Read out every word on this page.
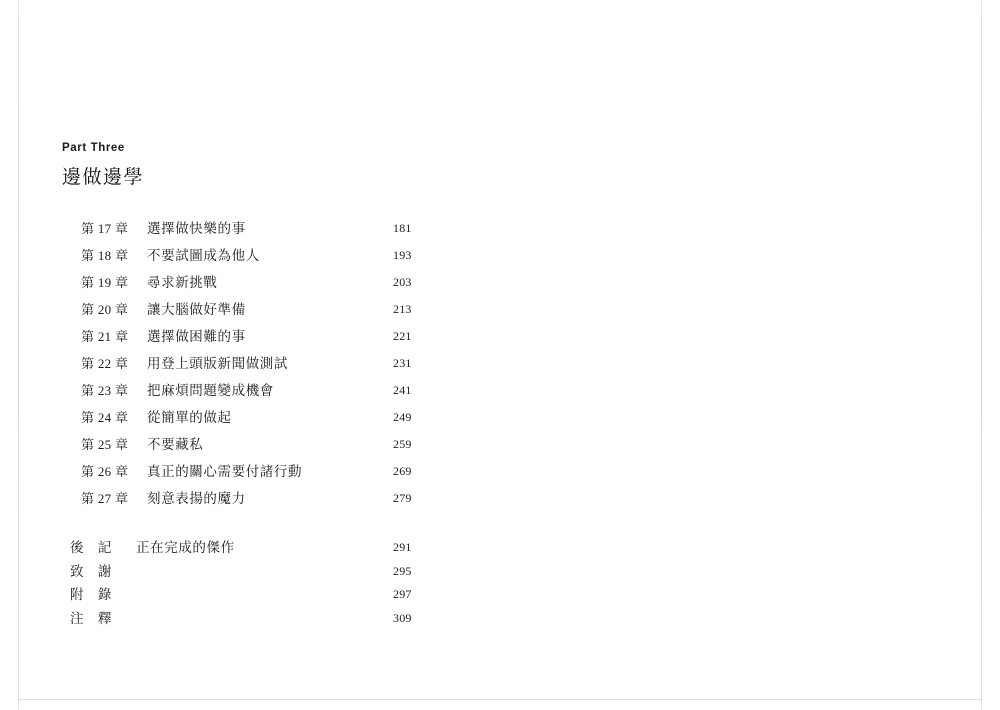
Part Three
邊做邊學
第 17 章 選擇做快樂的事	181
第 18 章 不要試圖成為他人	193
第 19 章 尋求新挑戰	203
第 20 章 讓大腦做好準備	213
第 21 章 選擇做困難的事	221
第 22 章 用登上頭版新聞做測試	231
第 23 章 把麻煩問題變成機會	241
第 24 章 從簡單的做起	249
第 25 章 不要藏私	259
第 26 章 真正的關心需要付諸行動	269
第 27 章 刻意表揚的魔力	279
後 記 正在完成的傑作	291
致 謝	295
附 錄	297
注 釋	309
